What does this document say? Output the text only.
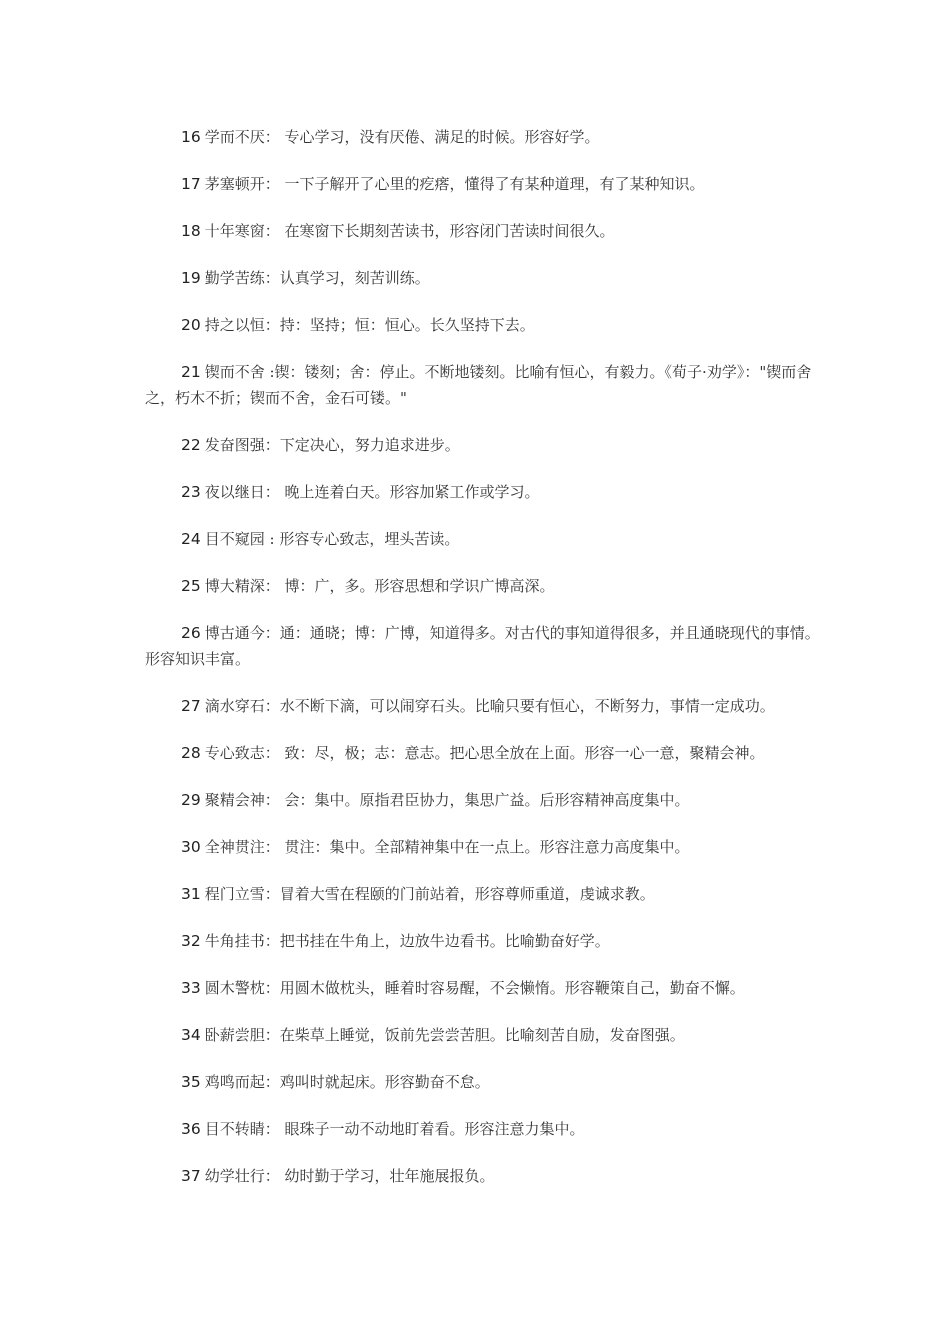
16 学而不厌： 专心学习，没有厌倦、满足的时候。形容好学。

17 茅塞顿开： 一下子解开了心里的疙瘩，懂得了有某种道理，有了某种知识。

18 十年寒窗： 在寒窗下长期刻苦读书，形容闭门苦读时间很久。

19 勤学苦练：认真学习，刻苦训练。

20 持之以恒：持：坚持；恒：恒心。长久坚持下去。

21 锲而不舍 :锲：镂刻；舍：停止。不断地镂刻。比喻有恒心，有毅力。《荀子·劝学》："锲而舍之，朽木不折；锲而不舍，金石可镂。"

22 发奋图强：下定决心，努力追求进步。

23 夜以继日： 晚上连着白天。形容加紧工作或学习。

24 目不窥园 : 形容专心致志，埋头苦读。

25 博大精深： 博：广，多。形容思想和学识广博高深。

26 博古通今：通：通晓；博：广博，知道得多。对古代的事知道得很多，并且通晓现代的事情。形容知识丰富。

27 滴水穿石：水不断下滴，可以闹穿石头。比喻只要有恒心，不断努力，事情一定成功。

28 专心致志： 致：尽，极；志：意志。把心思全放在上面。形容一心一意，聚精会神。

29 聚精会神： 会：集中。原指君臣协力，集思广益。后形容精神高度集中。

30 全神贯注： 贯注：集中。全部精神集中在一点上。形容注意力高度集中。

31 程门立雪：冒着大雪在程颐的门前站着，形容尊师重道，虔诚求教。

32 牛角挂书：把书挂在牛角上，边放牛边看书。比喻勤奋好学。

33 圆木警枕：用圆木做枕头，睡着时容易醒，不会懒惰。形容鞭策自己，勤奋不懈。

34 卧薪尝胆：在柴草上睡觉，饭前先尝尝苦胆。比喻刻苦自励，发奋图强。

35 鸡鸣而起：鸡叫时就起床。形容勤奋不怠。

36 目不转睛： 眼珠子一动不动地盯着看。形容注意力集中。

37 幼学壮行： 幼时勤于学习，壮年施展报负。
